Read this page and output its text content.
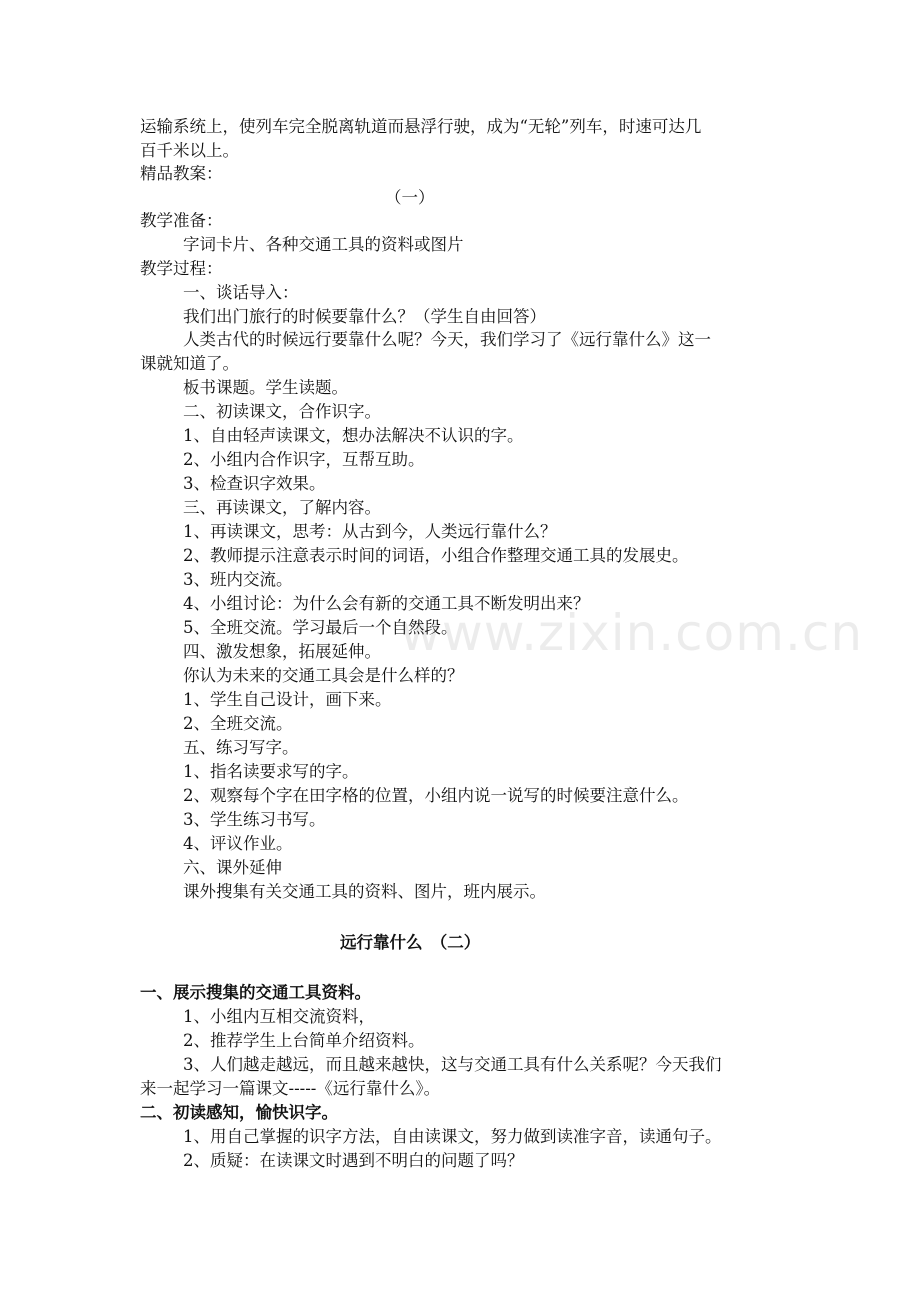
www.zixin.com.cn
运输系统上，使列车完全脱离轨道而悬浮行驶，成为“无轮”列车，时速可达几
百千米以上。
精品教案：
（一）
教学准备：
字词卡片、各种交通工具的资料或图片
教学过程：
一、谈话导入：
我们出门旅行的时候要靠什么？（学生自由回答）
人类古代的时候远行要靠什么呢？今天，我们学习了《远行靠什么》这一
课就知道了。
板书课题。学生读题。
二、初读课文，合作识字。
1、自由轻声读课文，想办法解决不认识的字。
2、小组内合作识字，互帮互助。
3、检查识字效果。
三、再读课文，了解内容。
1、再读课文，思考：从古到今，人类远行靠什么？
2、教师提示注意表示时间的词语，小组合作整理交通工具的发展史。
3、班内交流。
4、小组讨论：为什么会有新的交通工具不断发明出来？
5、全班交流。学习最后一个自然段。
四、激发想象，拓展延伸。
你认为未来的交通工具会是什么样的？
1、学生自己设计，画下来。
2、全班交流。
五、练习写字。
1、指名读要求写的字。
2、观察每个字在田字格的位置，小组内说一说写的时候要注意什么。
3、学生练习书写。
4、评议作业。
六、课外延伸
课外搜集有关交通工具的资料、图片，班内展示。
远行靠什么　（二）
一、展示搜集的交通工具资料。
1、小组内互相交流资料，
2、推荐学生上台简单介绍资料。
3、人们越走越远，而且越来越快，这与交通工具有什么关系呢？今天我们
来一起学习一篇课文-----《远行靠什么》。
二、初读感知，愉快识字。
1、用自己掌握的识字方法，自由读课文，努力做到读准字音，读通句子。
2、质疑：在读课文时遇到不明白的问题了吗？
